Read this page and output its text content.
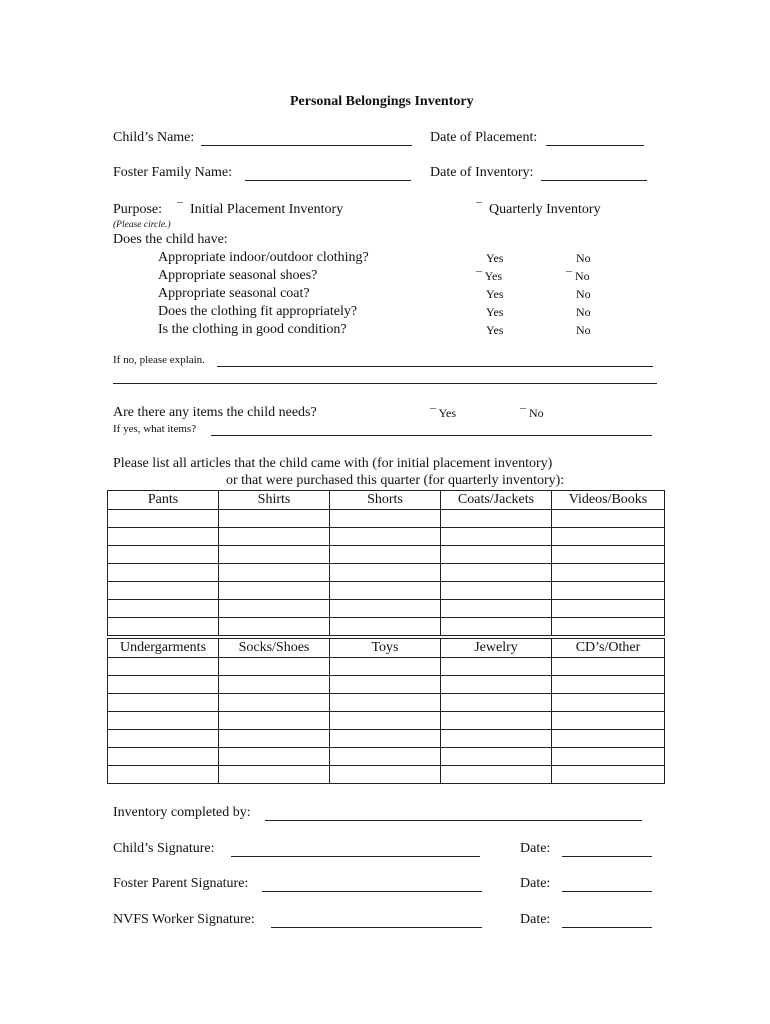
Personal Belongings Inventory
Child’s Name:	Date of Placement:
Foster Family Name:	Date of Inventory:
Purpose: ¯ Initial Placement Inventory	¯ Quarterly Inventory
(Please circle.)
Does the child have:
Appropriate indoor/outdoor clothing?	Yes	No
Appropriate seasonal shoes?	¯ Yes	¯ No
Appropriate seasonal coat?	Yes	No
Does the clothing fit appropriately?	Yes	No
Is the clothing in good condition?	Yes	No
If no, please explain.
Are there any items the child needs?	¯ Yes	¯ No
If yes, what items?
Please list all articles that the child came with (for initial placement inventory)
or that were purchased this quarter (for quarterly inventory):
Pants	Shirts	Shorts	Coats/Jackets	Videos/Books

Undergarments	Socks/Shoes	Toys	Jewelry	CD’s/Other

Inventory completed by:
Child’s Signature:	Date:
Foster Parent Signature:	Date:
NVFS Worker Signature:	Date:
